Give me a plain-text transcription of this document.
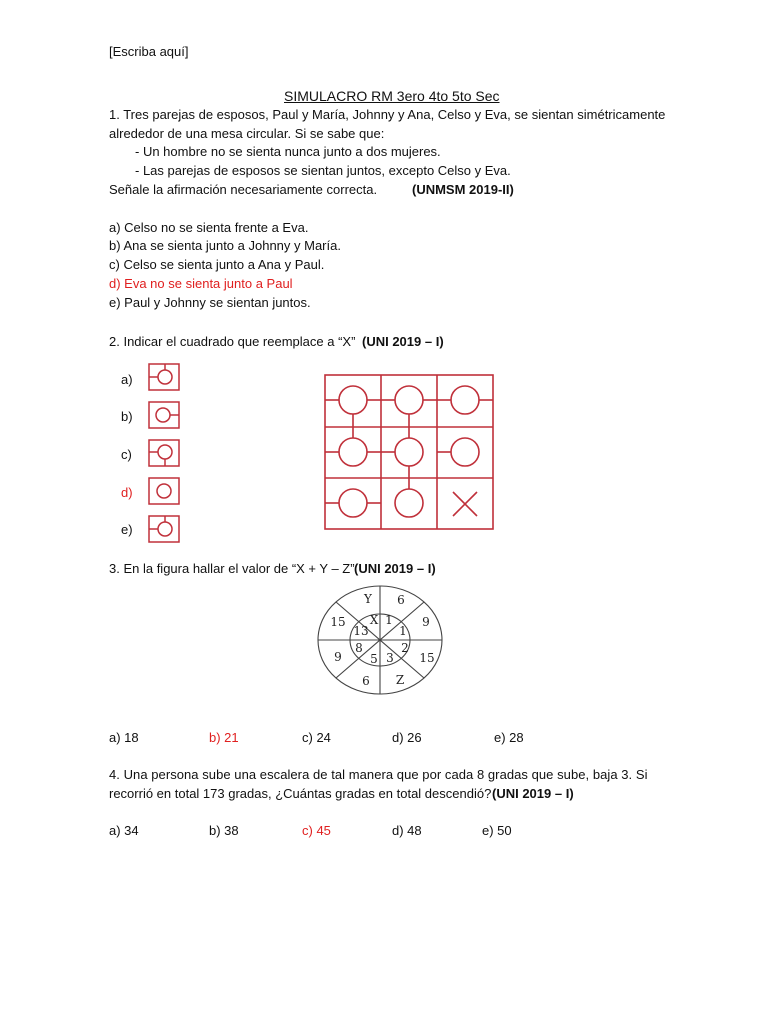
[Escriba aquí]
SIMULACRO RM 3ero 4to 5to Sec
1. Tres parejas de esposos, Paul y María, Johnny y Ana, Celso y Eva, se sientan simétricamente
alrededor de una mesa circular. Si se sabe que:
- Un hombre no se sienta nunca junto a dos mujeres.
- Las parejas de esposos se sientan juntos, excepto Celso y Eva.
Señale la afirmación necesariamente correcta.	(UNMSM 2019-II)
a) Celso no se sienta frente a Eva.
b) Ana se sienta junto a Johnny y María.
c) Celso se sienta junto a Ana y Paul.
d) Eva no se sienta junto a Paul
e) Paul y Johnny se sientan juntos.
2. Indicar el cuadrado que reemplace a “X” (UNI 2019 – I)
a)
b)
c)
d)
e)
3. En la figura hallar el valor de “X + Y – Z” (UNI 2019 – I)
Y 6
9
15
Z
6
9
15 X 1
1
2
3
5
8
13
a) 18	b) 21	c) 24	d) 26	e) 28
4. Una persona sube una escalera de tal manera que por cada 8 gradas que sube, baja 3. Si
recorrió en total 173 gradas, ¿Cuántas gradas en total descendió? (UNI 2019 – I)
a) 34	b) 38	c) 45	d) 48	e) 50
